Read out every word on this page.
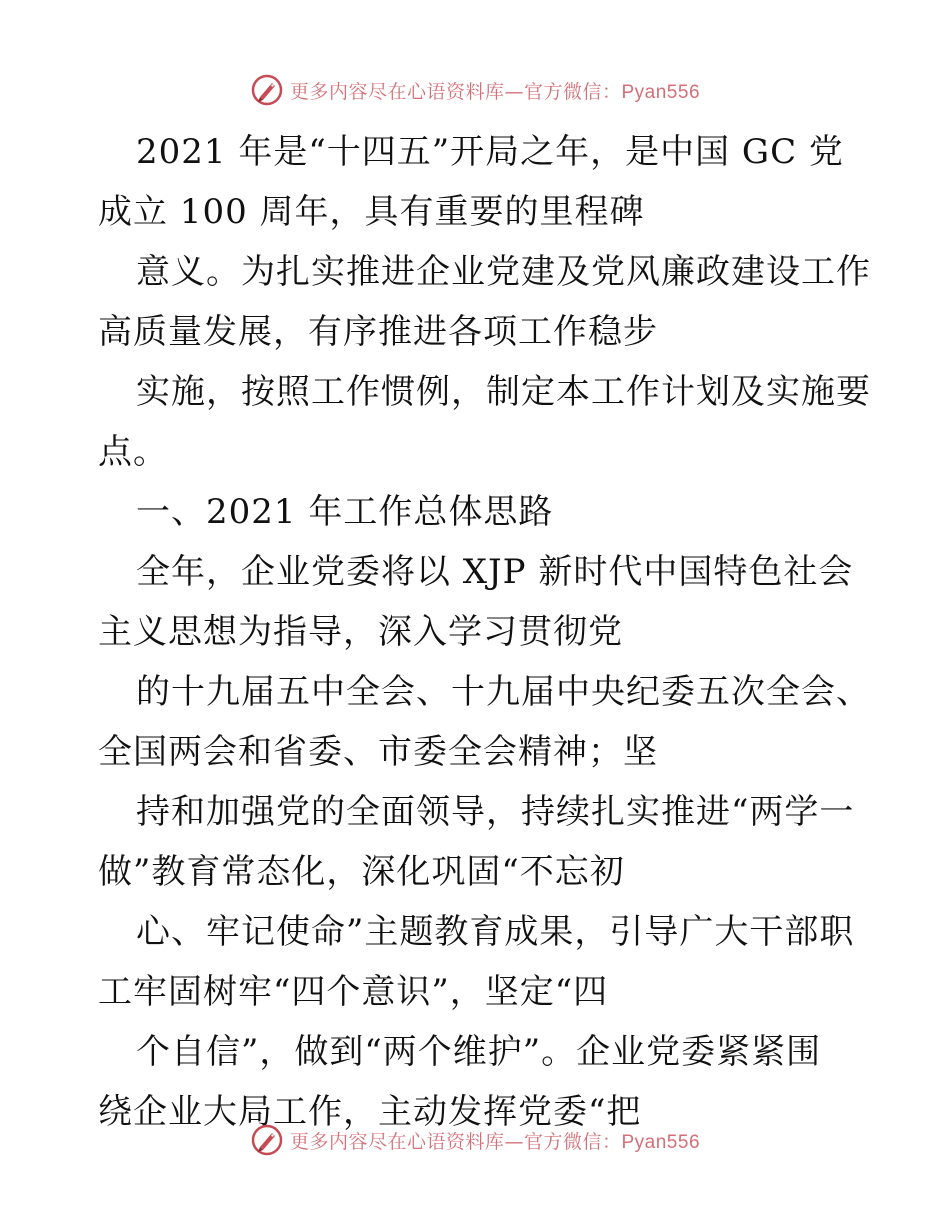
更多内容尽在心语资料库—官方微信：Pyan556
2021 年是“十四五”开局之年，是中国 GC 党
成立 100 周年，具有重要的里程碑
意义。为扎实推进企业党建及党风廉政建设工作
高质量发展，有序推进各项工作稳步
实施，按照工作惯例，制定本工作计划及实施要
点。
一、2021 年工作总体思路
全年，企业党委将以 XJP 新时代中国特色社会
主义思想为指导，深入学习贯彻党
的十九届五中全会、十九届中央纪委五次全会、
全国两会和省委、市委全会精神；坚
持和加强党的全面领导，持续扎实推进“两学一
做”教育常态化，深化巩固“不忘初
心、牢记使命”主题教育成果，引导广大干部职
工牢固树牢“四个意识”，坚定“四
个自信”，做到“两个维护”。企业党委紧紧围
绕企业大局工作，主动发挥党委“把
更多内容尽在心语资料库—官方微信：Pyan556
